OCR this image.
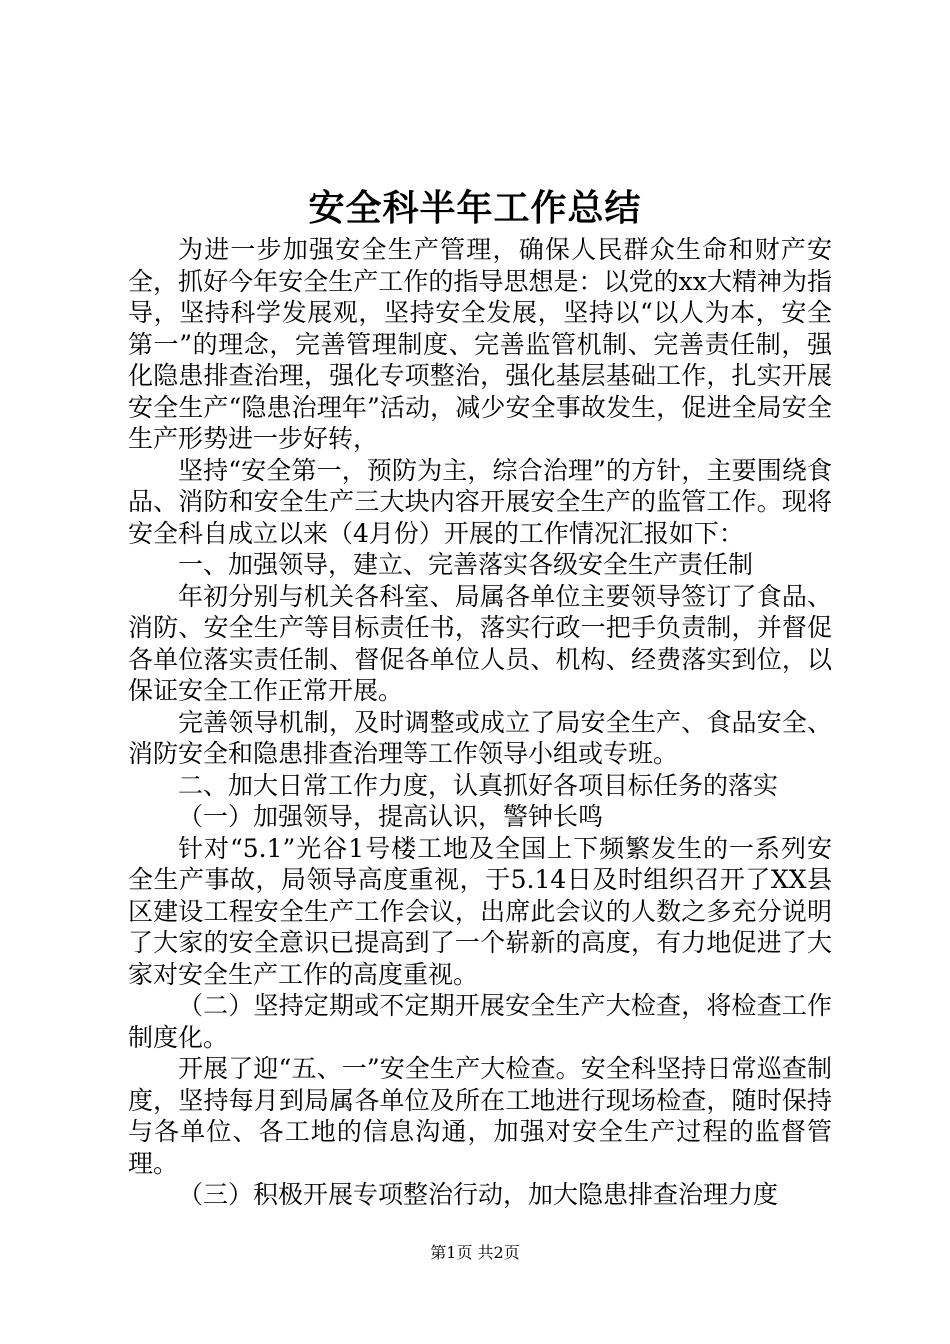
安全科半年工作总结

为进一步加强安全生产管理，确保人民群众生命和财产安全，抓好今年安全生产工作的指导思想是：以党的xx大精神为指导，坚持科学发展观，坚持安全发展，坚持以“以人为本，安全第一”的理念，完善管理制度、完善监管机制、完善责任制，强化隐患排查治理，强化专项整治，强化基层基础工作，扎实开展安全生产“隐患治理年”活动，减少安全事故发生，促进全局安全生产形势进一步好转，

坚持“安全第一，预防为主，综合治理”的方针，主要围绕食品、消防和安全生产三大块内容开展安全生产的监管工作。现将安全科自成立以来（4月份）开展的工作情况汇报如下：

一、加强领导，建立、完善落实各级安全生产责任制

年初分别与机关各科室、局属各单位主要领导签订了食品、消防、安全生产等目标责任书，落实行政一把手负责制，并督促各单位落实责任制、督促各单位人员、机构、经费落实到位，以保证安全工作正常开展。

完善领导机制，及时调整或成立了局安全生产、食品安全、消防安全和隐患排查治理等工作领导小组或专班。

二、加大日常工作力度，认真抓好各项目标任务的落实

（一）加强领导，提高认识，警钟长鸣

针对“5.1”光谷1号楼工地及全国上下频繁发生的一系列安全生产事故，局领导高度重视，于5.14日及时组织召开了XX县区建设工程安全生产工作会议，出席此会议的人数之多充分说明了大家的安全意识已提高到了一个崭新的高度，有力地促进了大家对安全生产工作的高度重视。

（二）坚持定期或不定期开展安全生产大检查，将检查工作制度化。

开展了迎“五、一”安全生产大检查。安全科坚持日常巡查制度，坚持每月到局属各单位及所在工地进行现场检查，随时保持与各单位、各工地的信息沟通，加强对安全生产过程的监督管理。

（三）积极开展专项整治行动，加大隐患排查治理力度

第1页 共2页
